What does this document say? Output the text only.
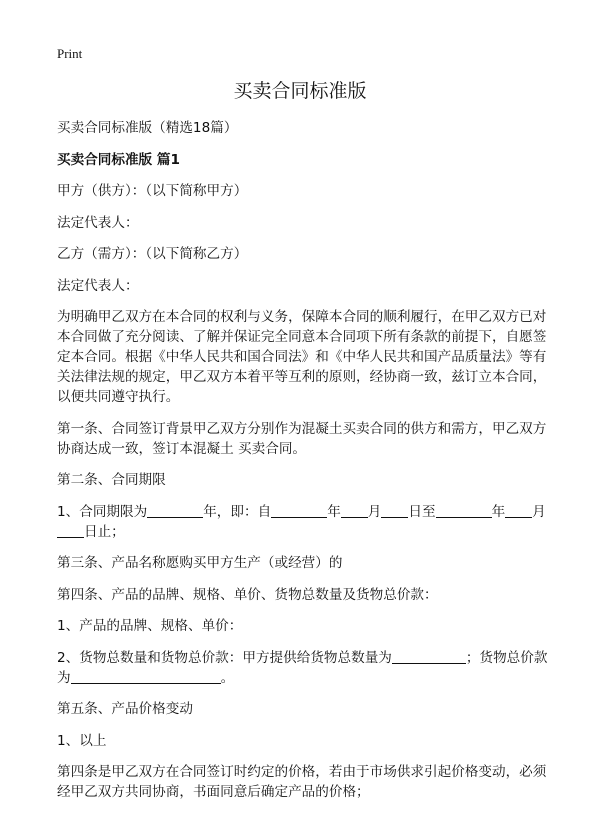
Print
买卖合同标准版

买卖合同标准版（精选18篇）

买卖合同标准版 篇1

甲方（供方）：（以下简称甲方）

法定代表人：

乙方（需方）：（以下简称乙方）

法定代表人：

为明确甲乙双方在本合同的权利与义务，保障本合同的顺利履行，在甲乙双方已对本合同做了充分阅读、了解并保证完全同意本合同项下所有条款的前提下，自愿签定本合同。根据《中华人民共和国合同法》和《中华人民共和国产品质量法》等有关法律法规的规定，甲乙双方本着平等互利的原则，经协商一致，兹订立本合同，以便共同遵守执行。

第一条、合同签订背景甲乙双方分别作为混凝土买卖合同的供方和需方，甲乙双方协商达成一致，签订本混凝土 买卖合同。

第二条、合同期限

1、合同期限为	年，即：自	年 月 日至	年 月
日止；

第三条、产品名称愿购买甲方生产（或经营）的

第四条、产品的品牌、规格、单价、货物总数量及货物总价款：

1、产品的品牌、规格、单价：

2、货物总数量和货物总价款：甲方提供给货物总数量为	；货物总价款为	。

第五条、产品价格变动

1、以上

第四条是甲乙双方在合同签订时约定的价格，若由于市场供求引起价格变动，必须经甲乙双方共同协商，书面同意后确定产品的价格；
